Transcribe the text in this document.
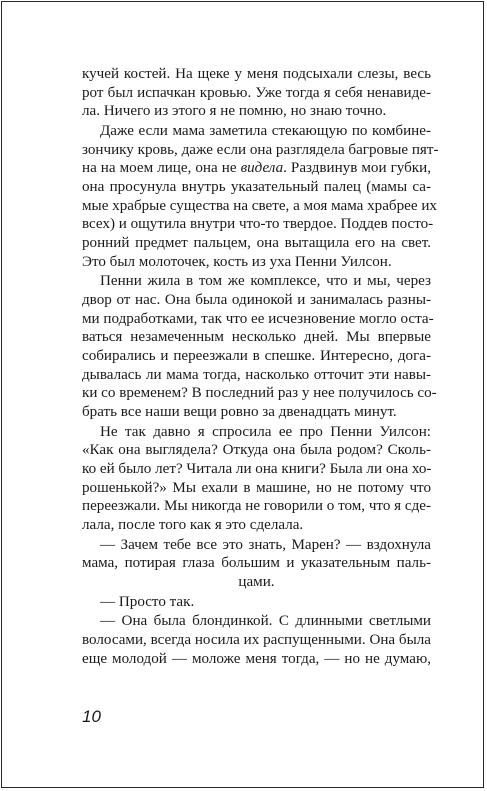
кучей костей. На щеке у меня подсыхали слезы, весь
рот был испачкан кровью. Уже тогда я себя ненавиде-
ла. Ничего из этого я не помню, но знаю точно.
Даже если мама заметила стекающую по комбине-
зончику кровь, даже если она разглядела багровые пят-
на на моем лице, она не видела. Раздвинув мои губки,
она просунула внутрь указательный палец (мамы са-
мые храбрые существа на свете, а моя мама храбрее их
всех) и ощутила внутри что-то твердое. Поддев посто-
ронний предмет пальцем, она вытащила его на свет.
Это был молоточек, кость из уха Пенни Уилсон.
Пенни жила в том же комплексе, что и мы, через
двор от нас. Она была одинокой и занималась разны-
ми подработками, так что ее исчезновение могло оста-
ваться незамеченным несколько дней. Мы впервые
собирались и переезжали в спешке. Интересно, дога-
дывалась ли мама тогда, насколько отточит эти навы-
ки со временем? В последний раз у нее получилось со-
брать все наши вещи ровно за двенадцать минут.
Не так давно я спросила ее про Пенни Уилсон:
«Как она выглядела? Откуда она была родом? Сколь-
ко ей было лет? Читала ли она книги? Была ли она хо-
рошенькой?» Мы ехали в машине, но не потому что
переезжали. Мы никогда не говорили о том, что я сде-
лала, после того как я это сделала.
— Зачем тебе все это знать, Марен? — вздохнула
мама, потирая глаза большим и указательным паль-
цами.
— Просто так.
— Она была блондинкой. С длинными светлыми
волосами, всегда носила их распущенными. Она была
еще молодой — моложе меня тогда, — но не думаю,
10
